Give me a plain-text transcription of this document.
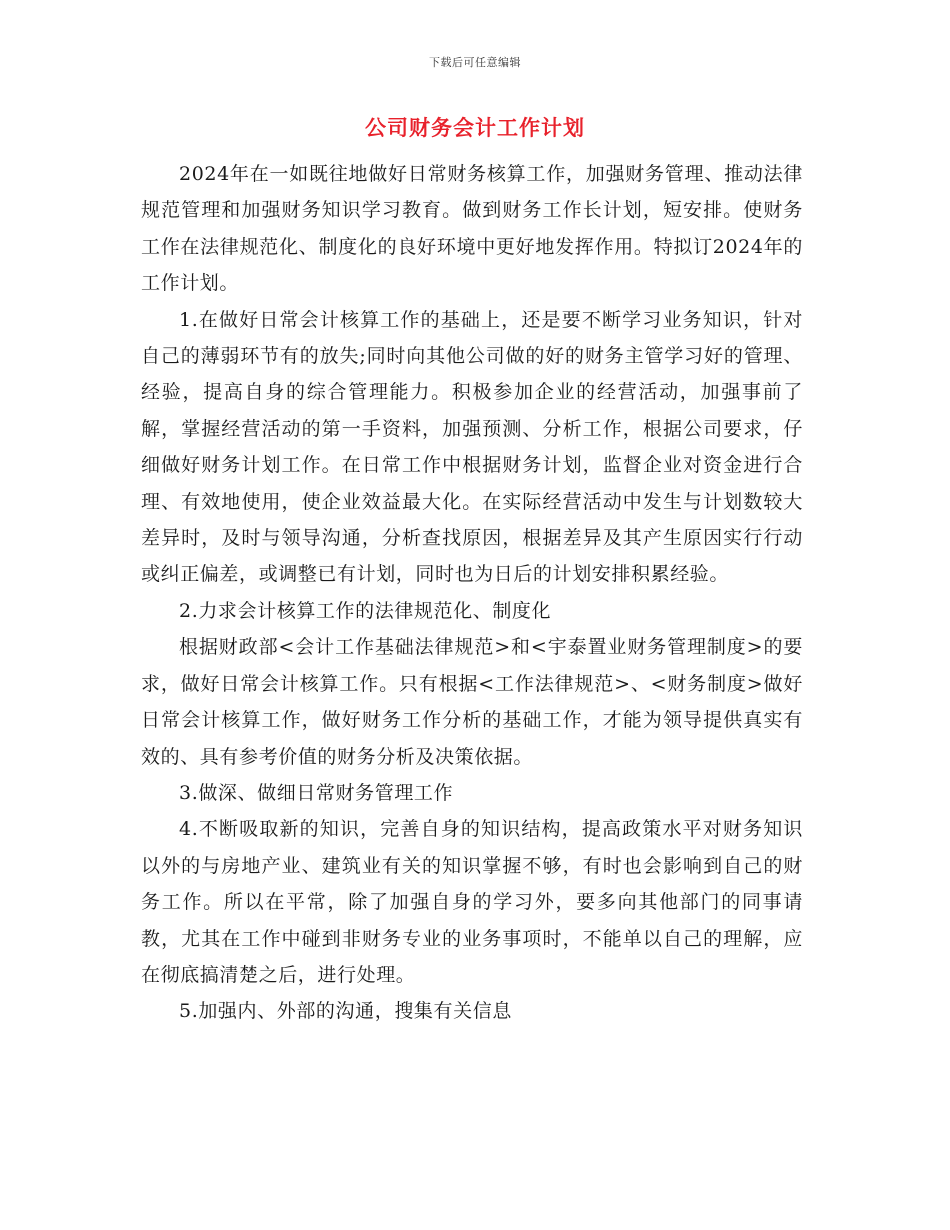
下载后可任意编辑
公司财务会计工作计划

2024年在一如既往地做好日常财务核算工作，加强财务管理、推动法律规范管理和加强财务知识学习教育。做到财务工作长计划，短安排。使财务工作在法律规范化、制度化的良好环境中更好地发挥作用。特拟订2024年的工作计划。

1.在做好日常会计核算工作的基础上，还是要不断学习业务知识，针对自己的薄弱环节有的放失;同时向其他公司做的好的财务主管学习好的管理、经验，提高自身的综合管理能力。积极参加企业的经营活动，加强事前了解，掌握经营活动的第一手资料，加强预测、分析工作，根据公司要求，仔细做好财务计划工作。在日常工作中根据财务计划，监督企业对资金进行合理、有效地使用，使企业效益最大化。在实际经营活动中发生与计划数较大差异时，及时与领导沟通，分析查找原因，根据差异及其产生原因实行行动或纠正偏差，或调整已有计划，同时也为日后的计划安排积累经验。

2.力求会计核算工作的法律规范化、制度化

根据财政部<会计工作基础法律规范>和<宇泰置业财务管理制度>的要求，做好日常会计核算工作。只有根据<工作法律规范>、<财务制度>做好日常会计核算工作，做好财务工作分析的基础工作，才能为领导提供真实有效的、具有参考价值的财务分析及决策依据。

3.做深、做细日常财务管理工作

4.不断吸取新的知识，完善自身的知识结构，提高政策水平对财务知识以外的与房地产业、建筑业有关的知识掌握不够，有时也会影响到自己的财务工作。所以在平常，除了加强自身的学习外，要多向其他部门的同事请教，尤其在工作中碰到非财务专业的业务事项时，不能单以自己的理解，应在彻底搞清楚之后，进行处理。

5.加强内、外部的沟通，搜集有关信息
